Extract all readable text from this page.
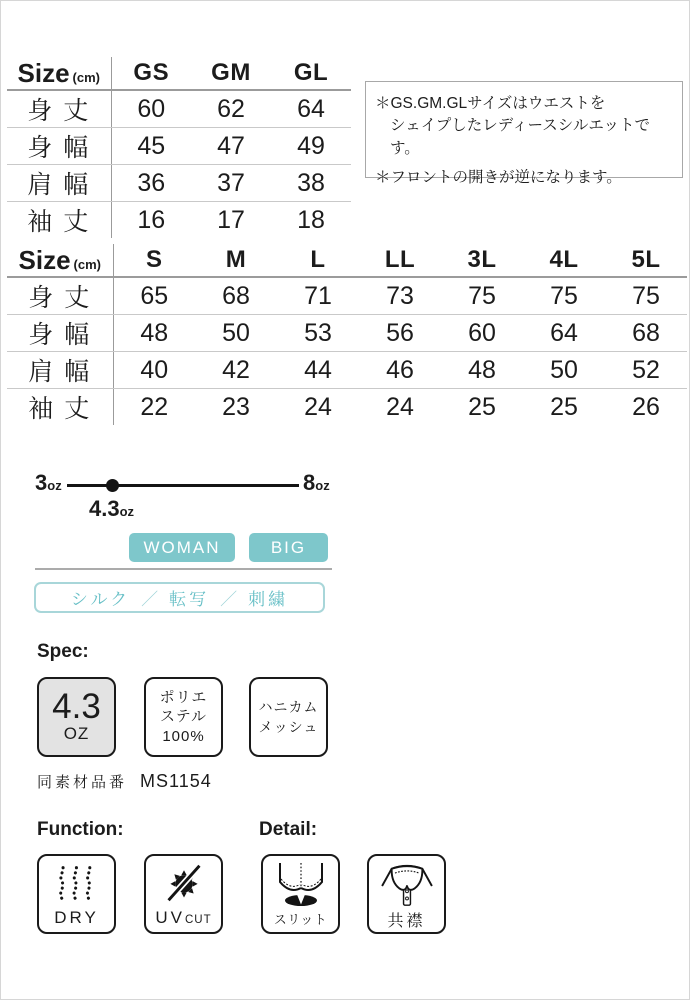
Size (cm)	GS	GM	GL
身 丈	60	62	64
身 幅	45	47	49
肩 幅	36	37	38
袖 丈	16	17	18
＊GS.GM.GLサイズはウエストを
シェイプしたレディースシルエットです。
＊フロントの開きが逆になります。
Size (cm)	S	M	L	LL	3L	4L	5L
身 丈	65	68	71	73	75	75	75
身 幅	48	50	53	56	60	64	68
肩 幅	40	42	44	46	48	50	52
袖 丈	22	23	24	24	25	25	26
3oz	8oz
4.3oz
WOMAN	BIG
シルク ／ 転写 ／ 刺繍
Spec:
4.3
OZ
ポリエ
ステル
100%
ハニカム
メッシュ
同素材品番 MS1154
Function:
DRY	UVCUT
Detail:
スリット	共襟
